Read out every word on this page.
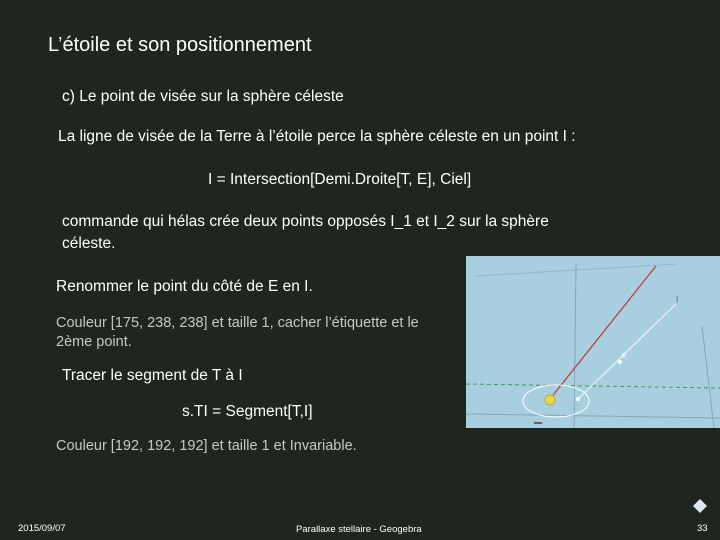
L’étoile et son positionnement
c) Le point de visée sur la sphère céleste
La ligne de visée de la Terre à l’étoile perce la sphère céleste en un point I :
I = Intersection[Demi.Droite[T, E], Ciel]
commande qui hélas crée deux points opposés I_1 et I_2 sur la sphère
céleste.
Renommer le point du côté de E en I.
Couleur [175, 238, 238] et taille 1, cacher l’étiquette et le
2ème point.
Tracer le segment de T à I
s.TI = Segment[T,I]
Couleur [192, 192, 192] et taille 1 et Invariable.
E
I
2015/09/07	Parallaxe stellaire - Geogebra	33
